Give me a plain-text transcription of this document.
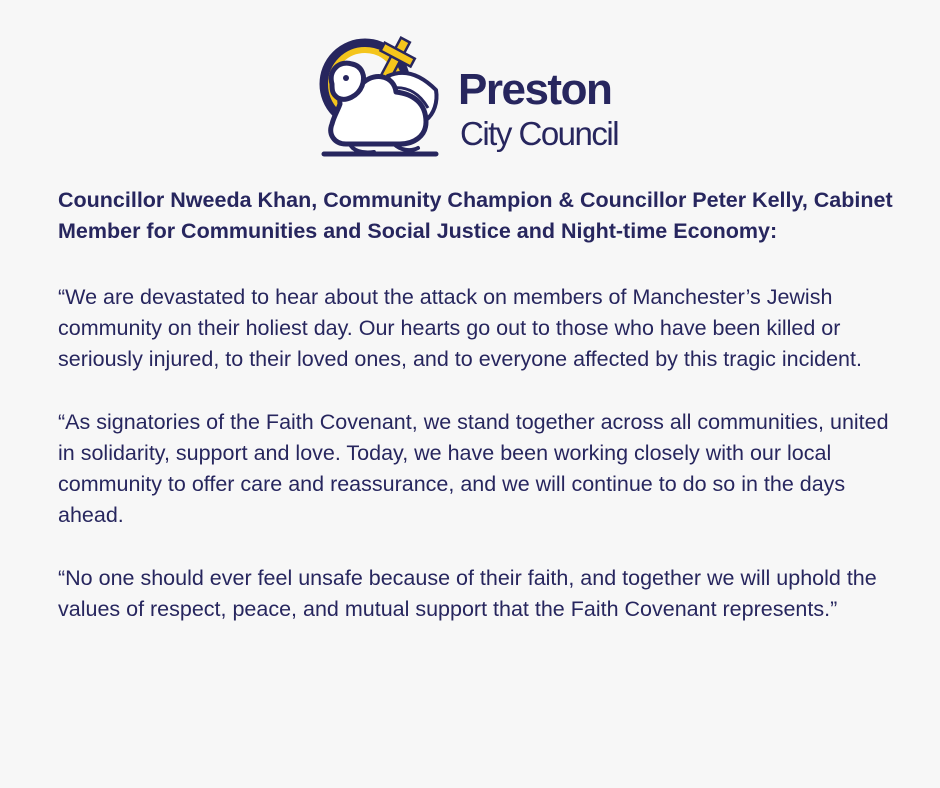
Preston
City Council

Councillor Nweeda Khan, Community Champion & Councillor Peter Kelly, Cabinet Member for Communities and Social Justice and Night-time Economy:

“We are devastated to hear about the attack on members of Manchester’s Jewish community on their holiest day. Our hearts go out to those who have been killed or seriously injured, to their loved ones, and to everyone affected by this tragic incident.

“As signatories of the Faith Covenant, we stand together across all communities, united in solidarity, support and love. Today, we have been working closely with our local community to offer care and reassurance, and we will continue to do so in the days ahead.

“No one should ever feel unsafe because of their faith, and together we will uphold the values of respect, peace, and mutual support that the Faith Covenant represents.”
